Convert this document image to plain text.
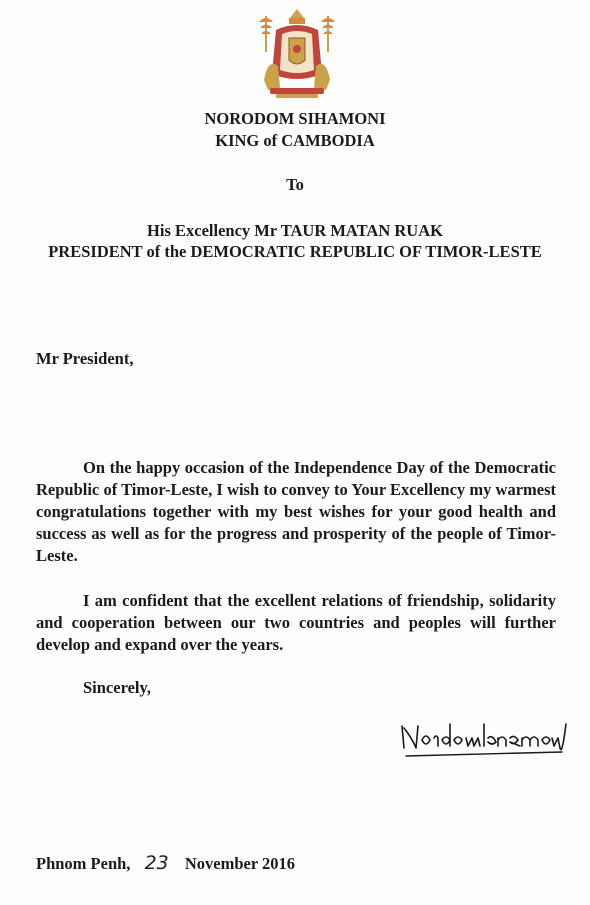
NORODOM SIHAMONI
KING of CAMBODIA
To
His Excellency Mr TAUR MATAN RUAK
PRESIDENT of the DEMOCRATIC REPUBLIC OF TIMOR-LESTE
Mr President,

On the happy occasion of the Independence Day of the Democratic Republic of Timor-Leste, I wish to convey to Your Excellency my warmest congratulations together with my best wishes for your good health and success as well as for the progress and prosperity of the people of Timor-Leste.

I am confident that the excellent relations of friendship, solidarity and cooperation between our two countries and peoples will further develop and expand over the years.

Sincerely,
Phnom Penh, 23 November 2016
